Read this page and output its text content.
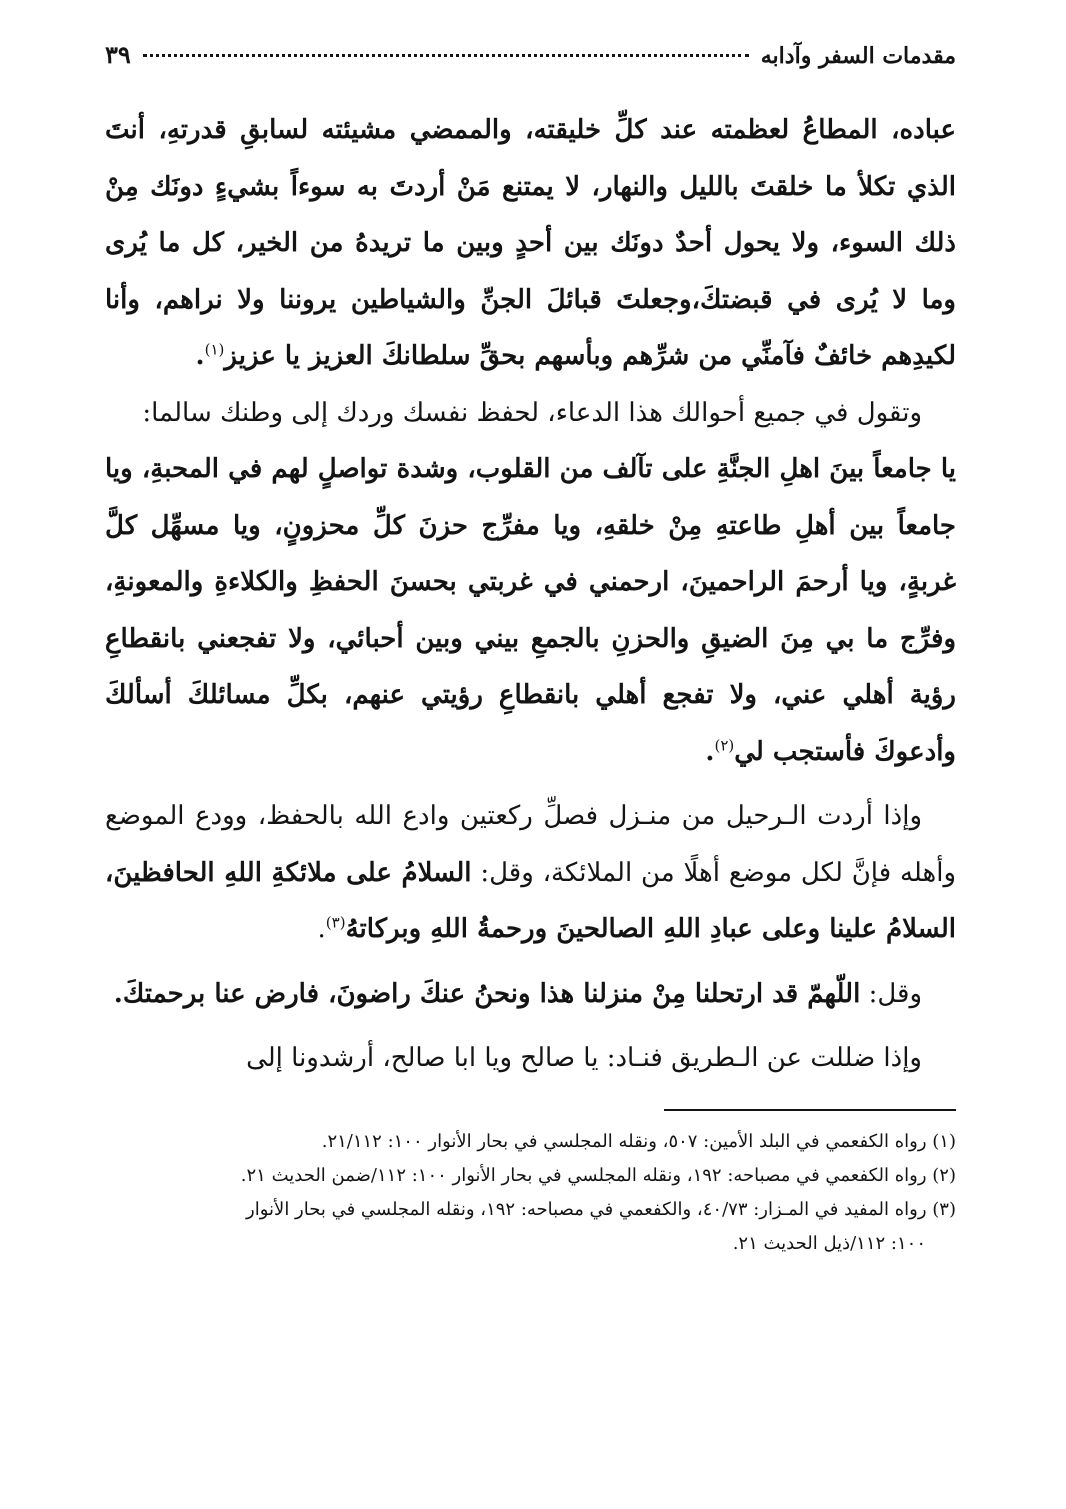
مقدمات السفر وآدابه
٣٩

عباده، المطاعُ لعظمته عند كلِّ خليقته، والممضي مشيئته لسابقِ قدرتهِ، أنتَ الذي تكلأ ما خلقتَ بالليل والنهار، لا يمتنع مَنْ أردتَ به سوءاً بشيءٍ دونَك مِنْ ذلك السوء، ولا يحول أحدٌ دونَك بين أحدٍ وبين ما تريدهُ من الخير، كل ما يُرى وما لا يُرى في قبضتكَ،وجعلتَ قبائلَ الجنِّ والشياطين يروننا ولا نراهم، وأنا لكيدِهم خائفٌ فآمنِّي من شرِّهم وبأسهم بحقِّ سلطانكَ العزيز يا عزيز$^{(١)}$.

وتقول في جميع أحوالك هذا الدعاء، لحفظ نفسك وردك إلى وطنك سالما:

يا جامعاً بينَ اهلِ الجنَّةِ على تآلف من القلوب، وشدة تواصلٍ لهم في المحبةِ، ويا جامعاً بين أهلِ طاعتهِ مِنْ خلقهِ، ويا مفرِّج حزنَ كلِّ محزونٍ، ويا مسهِّل كلَّ غربةٍ، ويا أرحمَ الراحمينَ، ارحمني في غربتي بحسنَ الحفظِ والكلاءةِ والمعونةِ، وفرِّج ما بي مِنَ الضيقِ والحزنِ بالجمعِ بيني وبين أحبائي، ولا تفجعني بانقطاعِ رؤية أهلي عني، ولا تفجع أهلي بانقطاعِ رؤيتي عنهم، بكلِّ مسائلكَ أسألكَ وأدعوكَ فأستجب لي$^{(٢)}$.

وإذا أردت الـرحيل من منـزل فصلِّ ركعتين وادع الله بالحفظ، وودع الموضع وأهله فإنَّ لكل موضع أهلًا من الملائكة، وقل: السلامُ على ملائكةِ اللهِ الحافظينَ، السلامُ علينا وعلى عبادِ اللهِ الصالحينَ ورحمةُ اللهِ وبركاتهُ$^{(٣)}$.

وقل: اللّهمّ قد ارتحلنا مِنْ منزلنا هذا ونحنُ عنكَ راضونَ، فارض عنا برحمتكَ.

وإذا ضللت عن الـطريق فنـاد: يا صالح ويا ابا صالح، أرشدونا إلى

(١) رواه الكفعمي في البلد الأمين: ٥٠٧، ونقله المجلسي في بحار الأنوار ١٠٠: ٢١/١١٢.

(٢) رواه الكفعمي في مصباحه: ١٩٢، ونقله المجلسي في بحار الأنوار ١٠٠: ١١٢/ضمن الحديث ٢١.

(٣) رواه المفيد في المـزار: ٤٠/٧٣، والكفعمي في مصباحه: ١٩٢، ونقله المجلسي في بحار الأنوار
١٠٠: ١١٢/ذيل الحديث ٢١.
